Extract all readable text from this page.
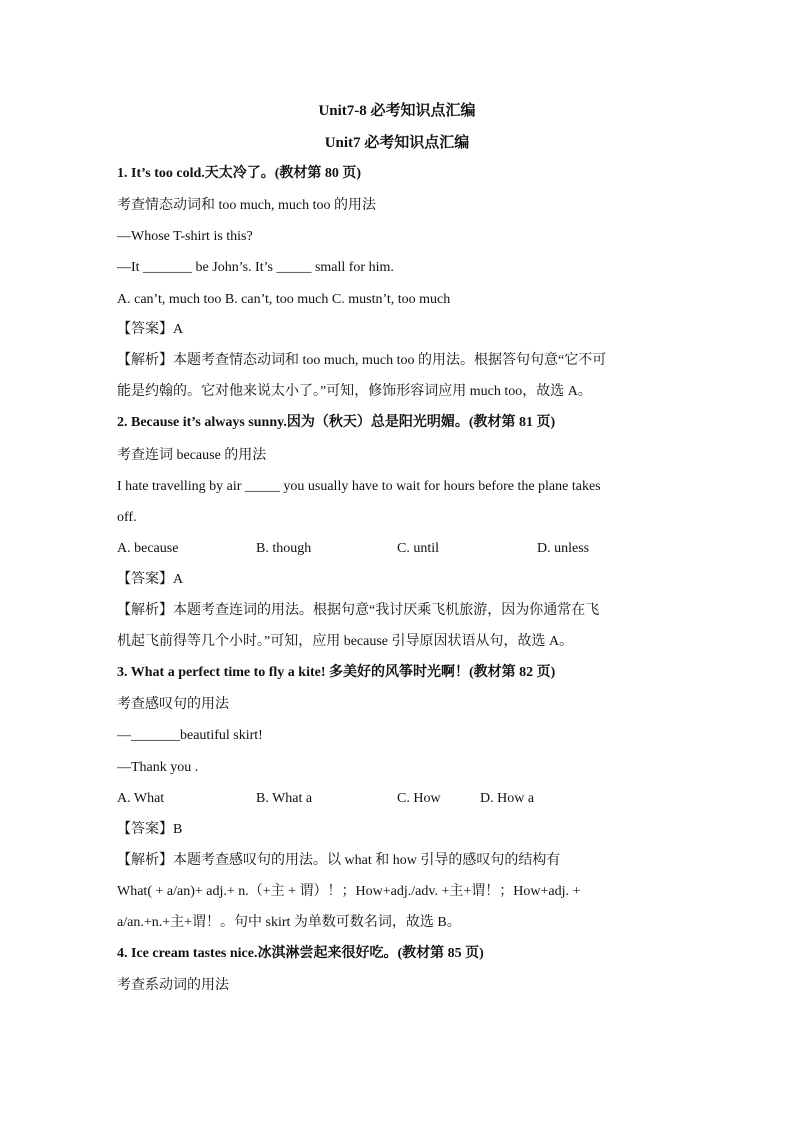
Unit7-8 必考知识点汇编
Unit7 必考知识点汇编
1. It’s too cold.天太冷了。(教材第 80 页)
考查情态动词和 too much, much too 的用法
—Whose T-shirt is this?
—It _______ be John’s. It’s _____ small for him.
A. can’t, much too B. can’t, too much C. mustn’t, too much
【答案】A
【解析】本题考查情态动词和 too much, much too 的用法。根据答句句意“它不可
能是约翰的。它对他来说太小了。”可知，修饰形容词应用 much too，故选 A。
2. Because it’s always sunny.因为（秋天）总是阳光明媚。(教材第 81 页)
考查连词 because 的用法
I hate travelling by air _____ you usually have to wait for hours before the plane takes
off.
A. because	B. though	C. until	D. unless
【答案】A
【解析】本题考查连词的用法。根据句意“我讨厌乘飞机旅游，因为你通常在飞
机起飞前得等几个小时。”可知，应用 because 引导原因状语从句，故选 A。
3. What a perfect time to fly a kite! 多美好的风筝时光啊！(教材第 82 页)
考查感叹句的用法
—_______beautiful skirt!
—Thank you .
A. What	B. What a	C. How	D. How a
【答案】B
【解析】本题考查感叹句的用法。以 what 和 how 引导的感叹句的结构有
What( + a/an)+ adj.+ n.（+主 + 谓）！；How+adj./adv. +主+谓！；How+adj. +
a/an.+n.+主+谓！。句中 skirt 为单数可数名词，故选 B。
4. Ice cream tastes nice.冰淇淋尝起来很好吃。(教材第 85 页)
考查系动词的用法
